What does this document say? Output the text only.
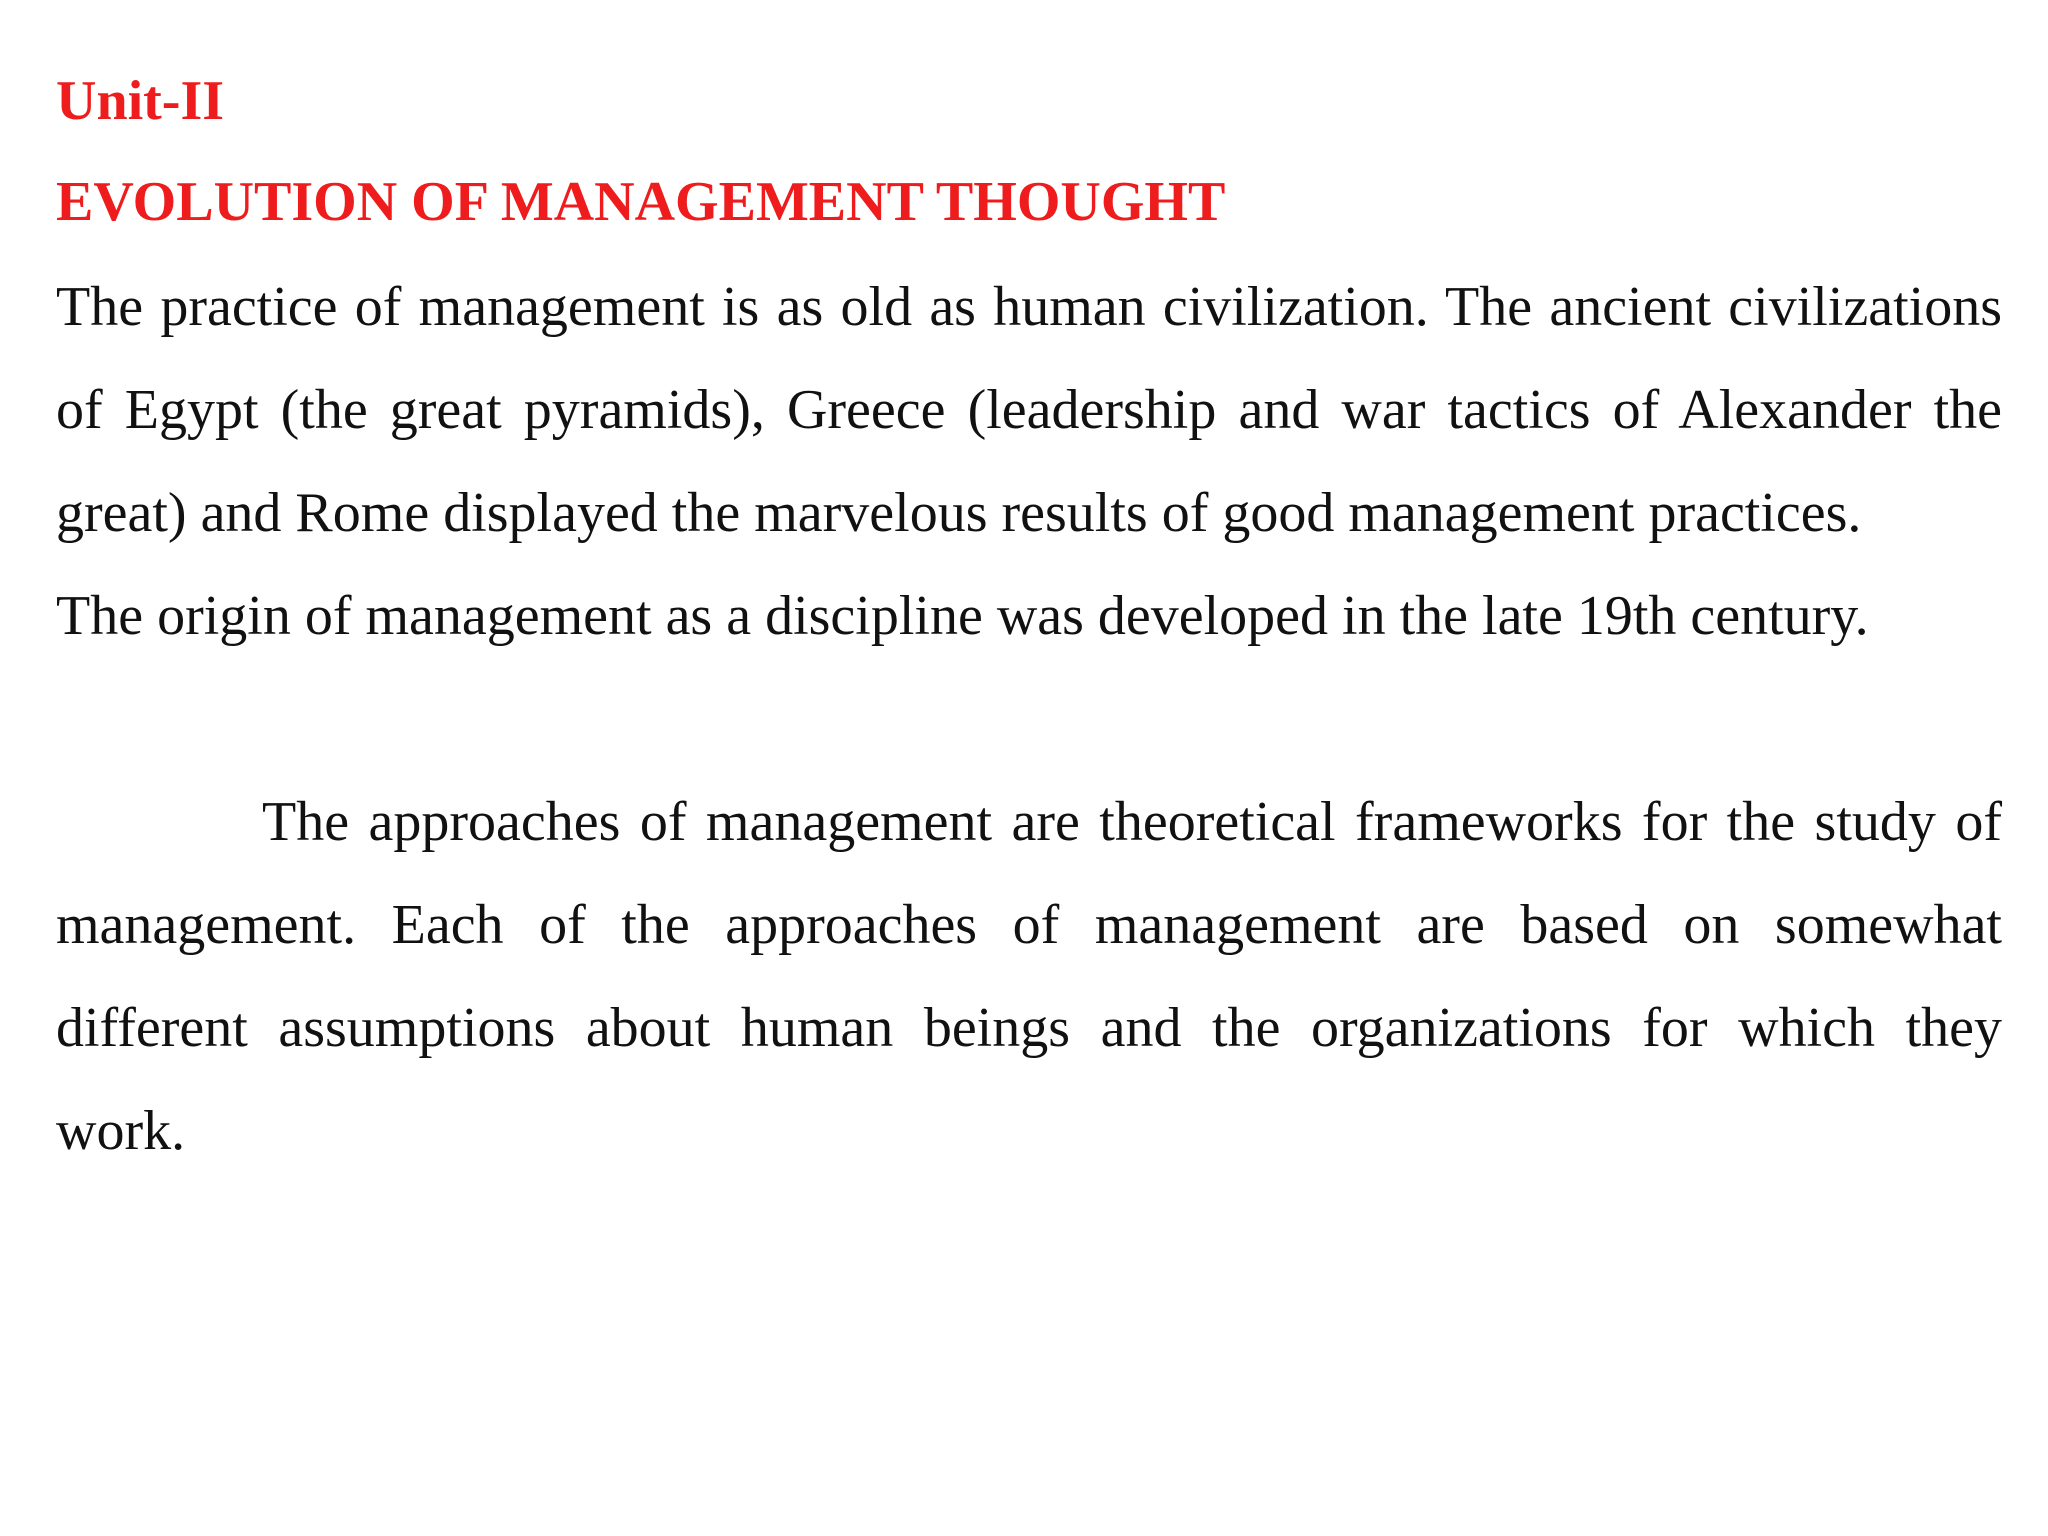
Unit-II
EVOLUTION OF MANAGEMENT THOUGHT

The practice of management is as old as human civilization. The ancient civilizations
of Egypt (the great pyramids), Greece (leadership and war tactics of Alexander the
great) and Rome displayed the marvelous results of good management practices.

The origin of management as a discipline was developed in the late 19th century.

The approaches of management are theoretical frameworks for the study of
management. Each of the approaches of management are based on somewhat
different assumptions about human beings and the organizations for which they
work.
